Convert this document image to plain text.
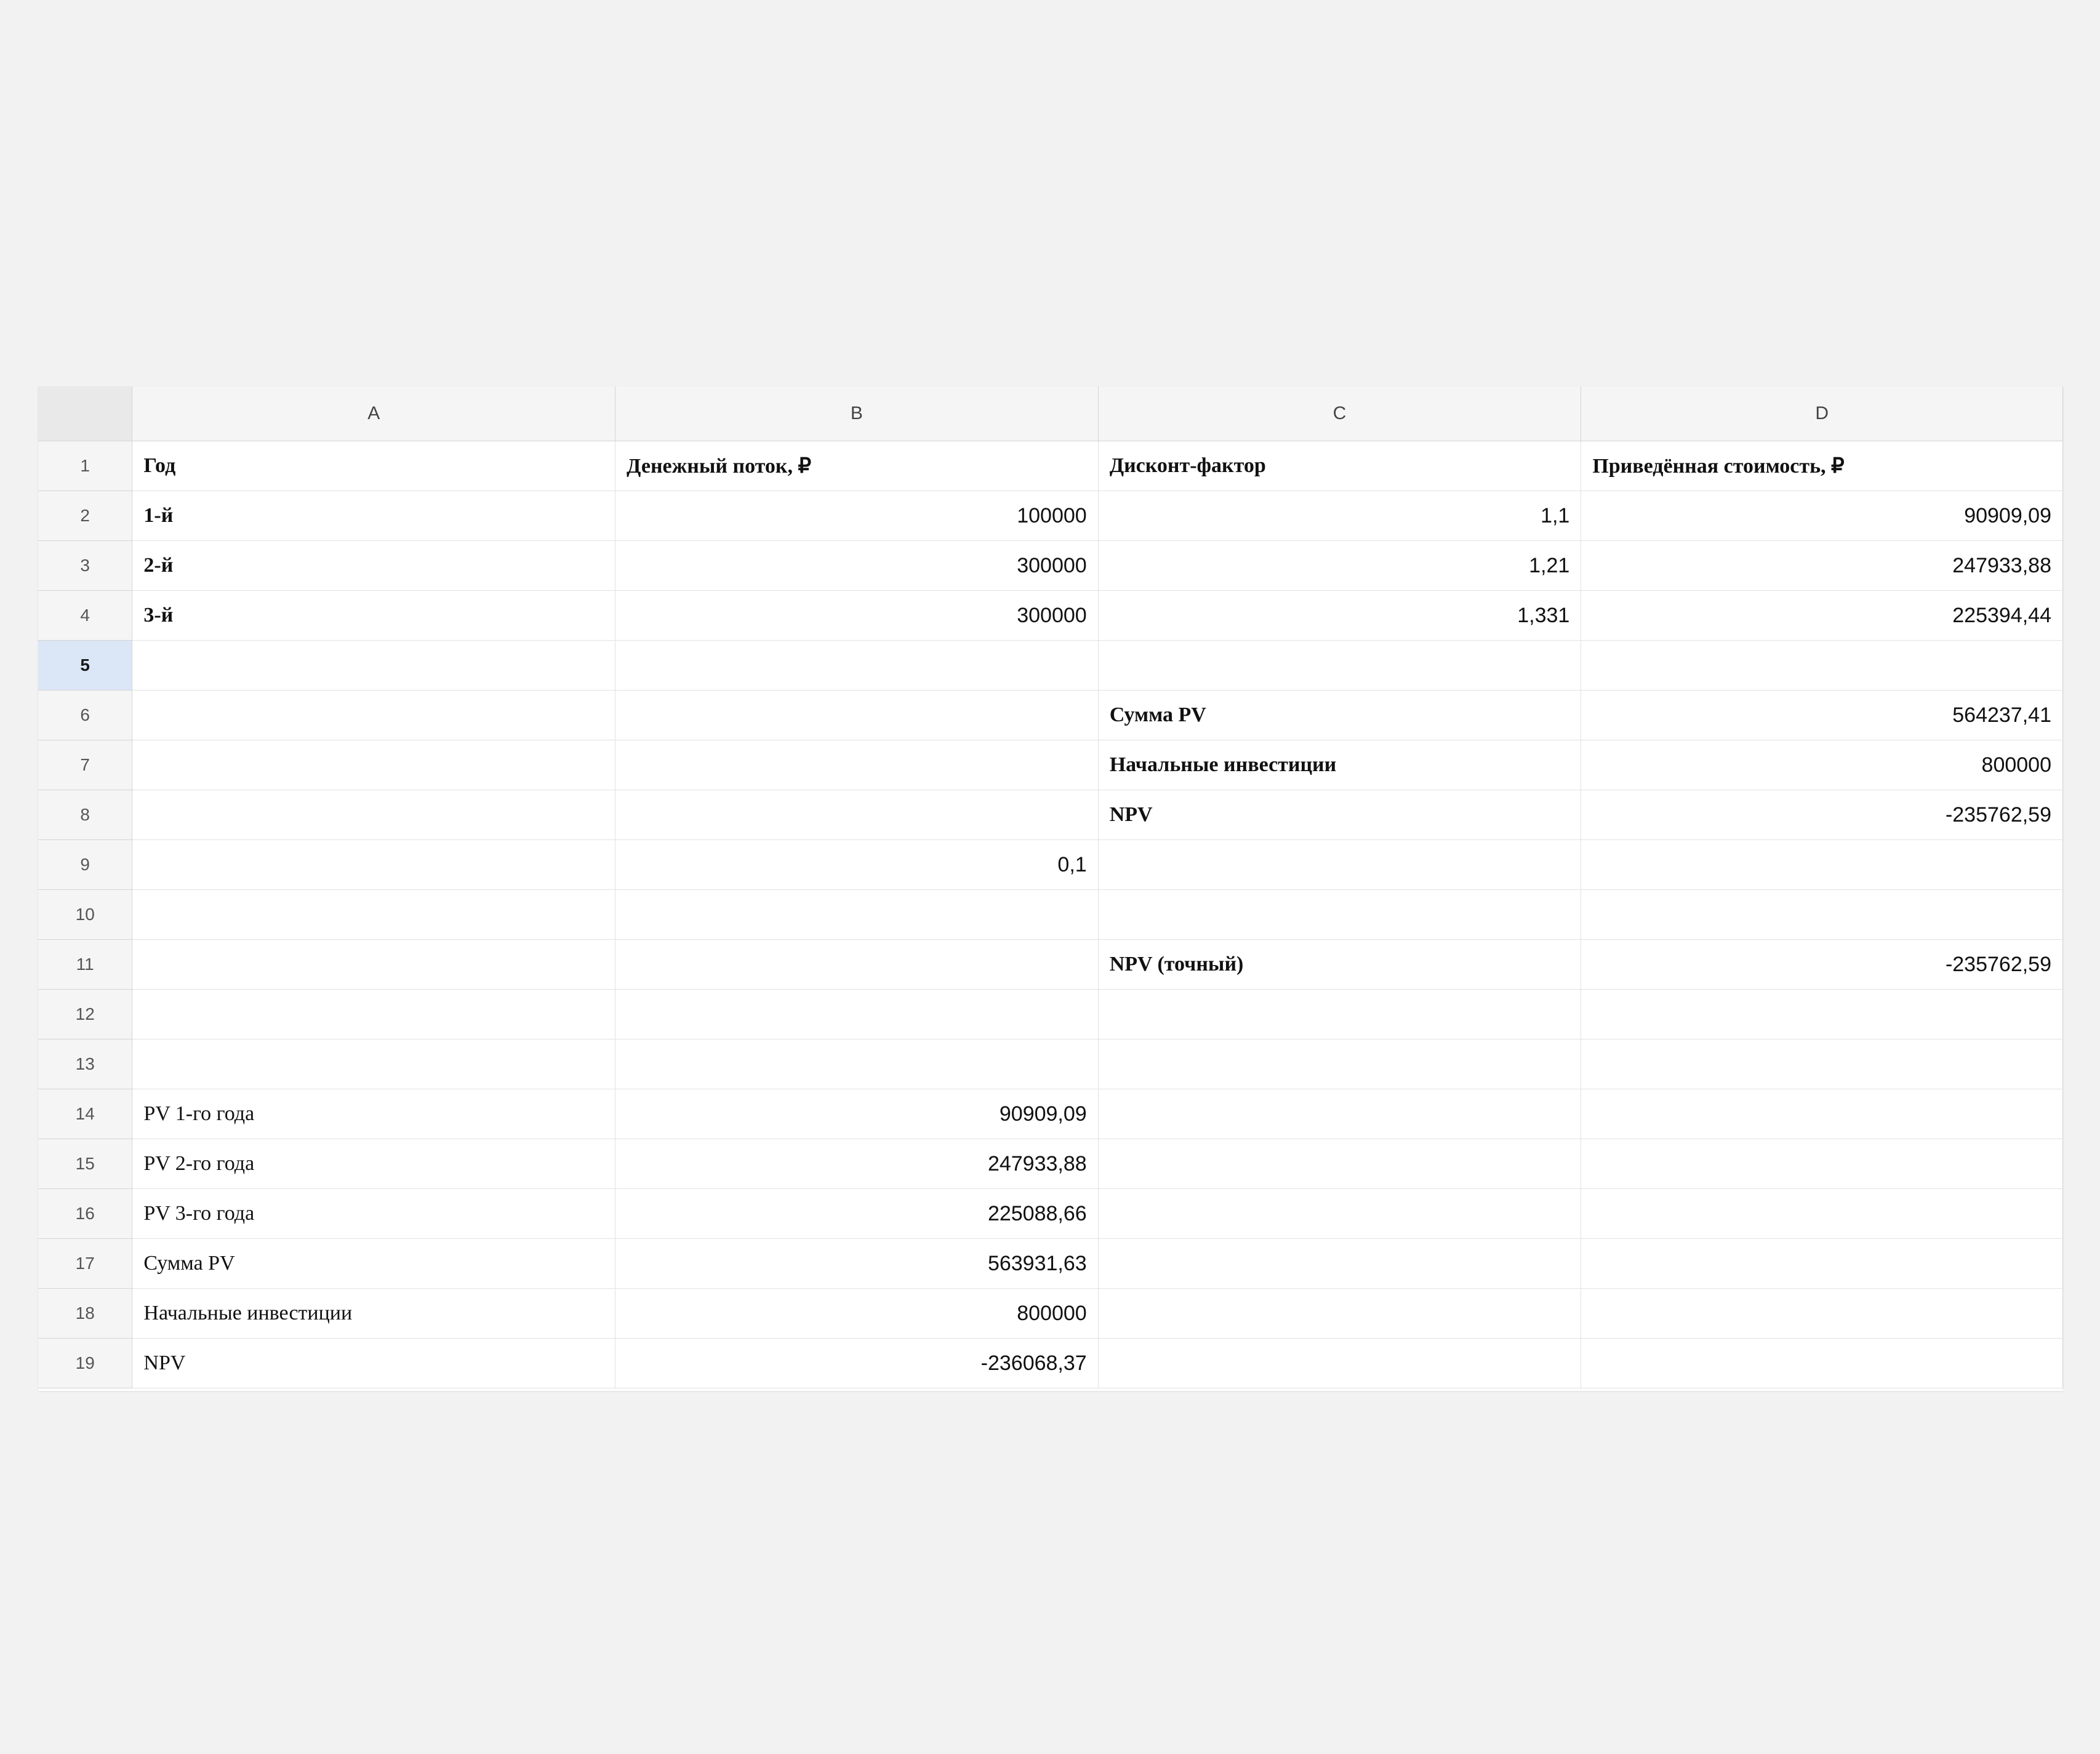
	A	B	C	D
1	Год	Денежный поток, ₽	Дисконт-фактор	Приведённая стоимость, ₽
2	1-й	100000	1,1	90909,09
3	2-й	300000	1,21	247933,88
4	3-й	300000	1,331	225394,44
5				
6			Сумма PV	564237,41
7			Начальные инвестиции	800000
8			NPV	-235762,59
9		0,1		
10				
11			NPV (точный)	-235762,59
12				
13				
14	PV 1-го года	90909,09		
15	PV 2-го года	247933,88		
16	PV 3-го года	225088,66		
17	Сумма PV	563931,63		
18	Начальные инвестиции	800000		
19	NPV	-236068,37		
